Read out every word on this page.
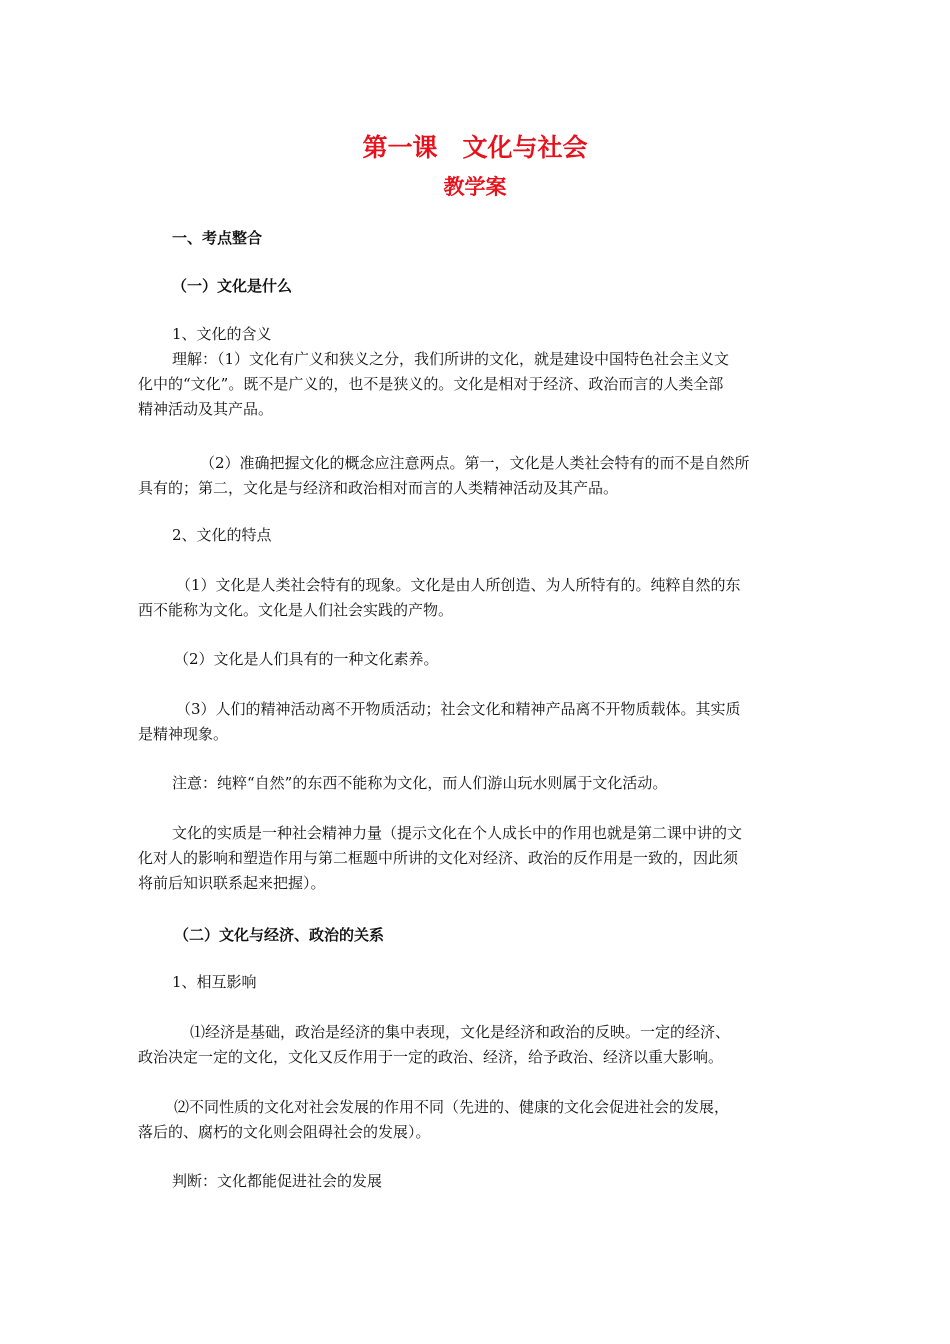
第一课　文化与社会
教学案
一、考点整合
（一）文化是什么
1、文化的含义
理解：（1）文化有广义和狭义之分，我们所讲的文化，就是建设中国特色社会主义文
化中的“文化”。既不是广义的，也不是狭义的。文化是相对于经济、政治而言的人类全部
精神活动及其产品。
（2）准确把握文化的概念应注意两点。第一，文化是人类社会特有的而不是自然所
具有的；第二，文化是与经济和政治相对而言的人类精神活动及其产品。
2、文化的特点
（1）文化是人类社会特有的现象。文化是由人所创造、为人所特有的。纯粹自然的东
西不能称为文化。文化是人们社会实践的产物。
（2）文化是人们具有的一种文化素养。
（3）人们的精神活动离不开物质活动；社会文化和精神产品离不开物质载体。其实质
是精神现象。
注意：纯粹“自然”的东西不能称为文化，而人们游山玩水则属于文化活动。
文化的实质是一种社会精神力量（提示文化在个人成长中的作用也就是第二课中讲的文
化对人的影响和塑造作用与第二框题中所讲的文化对经济、政治的反作用是一致的，因此须
将前后知识联系起来把握）。
（二）文化与经济、政治的关系
1、相互影响
⑴经济是基础，政治是经济的集中表现，文化是经济和政治的反映。一定的经济、
政治决定一定的文化，文化又反作用于一定的政治、经济，给予政治、经济以重大影响。
⑵不同性质的文化对社会发展的作用不同（先进的、健康的文化会促进社会的发展，
落后的、腐朽的文化则会阻碍社会的发展）。
判断：文化都能促进社会的发展
